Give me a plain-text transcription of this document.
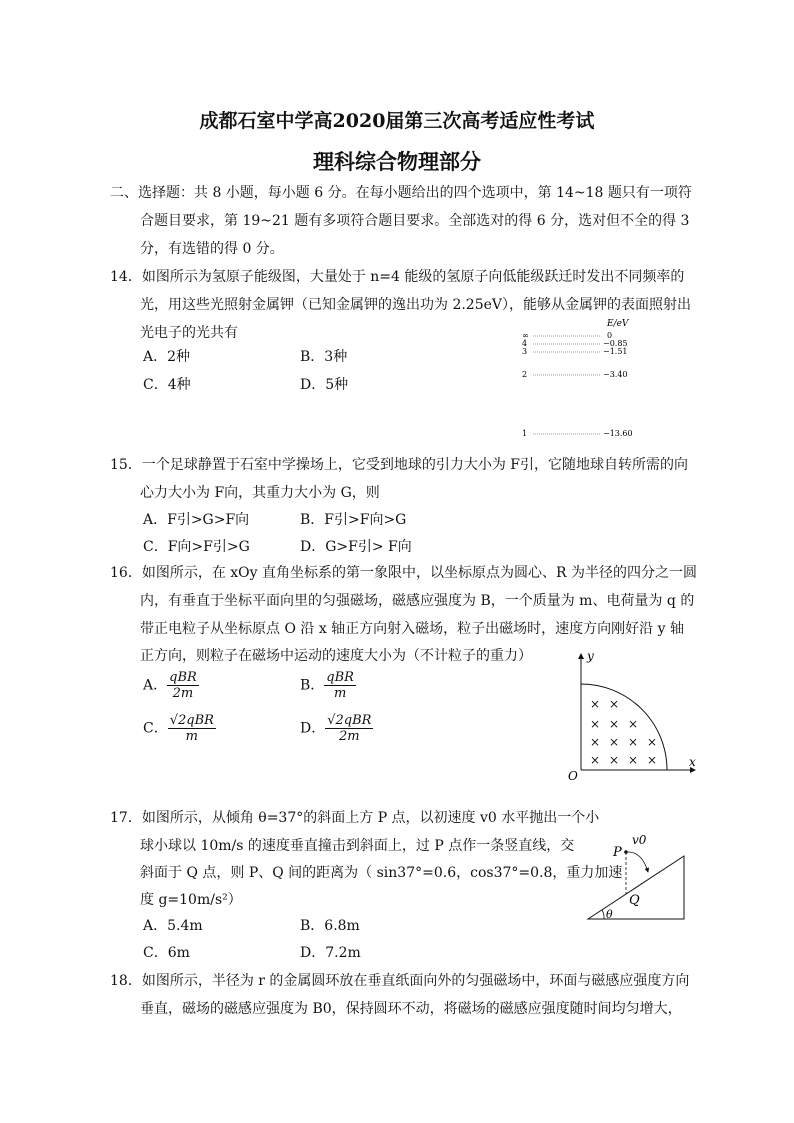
成都石室中学高2020届第三次高考适应性考试
理科综合物理部分
二、选择题：共 8 小题，每小题 6 分。在每小题给出的四个选项中，第 14~18 题只有一项符
合题目要求，第 19~21 题有多项符合题目要求。全部选对的得 6 分，选对但不全的得 3
分，有选错的得 0 分。
14．如图所示为氢原子能级图，大量处于 n=4 能级的氢原子向低能级跃迁时发出不同频率的
光，用这些光照射金属钾（已知金属钾的逸出功为 2.25eV），能够从金属钾的表面照射出
光电子的光共有
A．2种	B．3种
C．4种	D．5种
E/eV
∞	0
4	−0.85
3	−1.51
2	−3.40
1	−13.60
15．一个足球静置于石室中学操场上，它受到地球的引力大小为 F引，它随地球自转所需的向
心力大小为 F向，其重力大小为 G，则
A．F引>G>F向	B．F引>F向>G
C．F向>F引>G	D．G>F引> F向
16．如图所示，在 xOy 直角坐标系的第一象限中，以坐标原点为圆心、R 为半径的四分之一圆
内，有垂直于坐标平面向里的匀强磁场，磁感应强度为 B，一个质量为 m、电荷量为 q 的
带正电粒子从坐标原点 O 沿 x 轴正方向射入磁场，粒子出磁场时，速度方向刚好沿 y 轴
正方向，则粒子在磁场中运动的速度大小为（不计粒子的重力）
A． $\frac{\text{qBR}}{2m}$	B． $\frac{\text{qBR}}{m}$
C． $\frac{\text{√2qBR}}{m}$	D． $\frac{\text{√2qBR}}{2m}$
y
x
O
× ×
× × ×
× × × ×
× × × ×
17．如图所示，从倾角 θ=37°的斜面上方 P 点，以初速度 v0 水平抛出一个小
球小球以 10m/s 的速度垂直撞击到斜面上，过 P 点作一条竖直线，交
斜面于 Q 点，则 P、Q 间的距离为（ sin37°=0.6，cos37°=0.8，重力加速
度 g=10m/s²）
A．5.4m	B．6.8m
C．6m	D．7.2m
P
v0
Q
θ
18．如图所示，半径为 r 的金属圆环放在垂直纸面向外的匀强磁场中，环面与磁感应强度方向
垂直，磁场的磁感应强度为 B0，保持圆环不动，将磁场的磁感应强度随时间均匀增大，
